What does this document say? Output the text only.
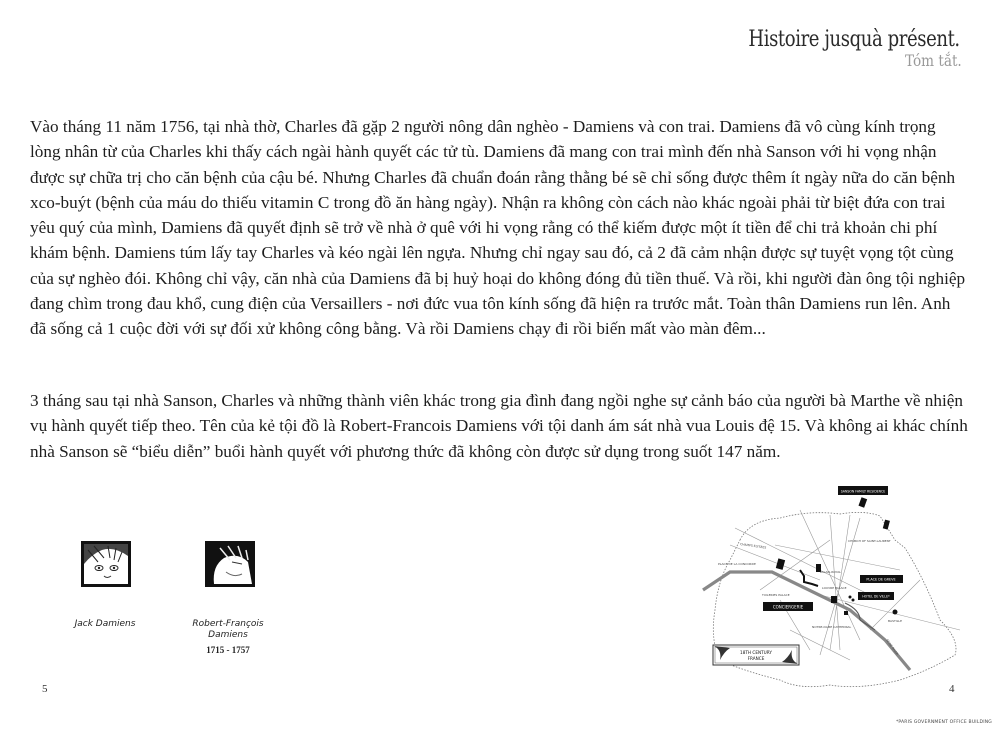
Histoire jusquà présent.
Tóm tắt.

Vào tháng 11 năm 1756, tại nhà thờ, Charles đã gặp 2 người nông dân nghèo - Damiens và con trai. Damiens đã vô cùng kính trọng lòng nhân từ của Charles khi thấy cách ngài hành quyết các tử tù. Damiens đã mang con trai mình đến nhà Sanson với hi vọng nhận được sự chữa trị cho căn bệnh của cậu bé. Nhưng Charles đã chuẩn đoán rằng thằng bé sẽ chỉ sống được thêm ít ngày nữa do căn bệnh xco-buýt (bệnh của máu do thiếu vitamin C trong đồ ăn hàng ngày). Nhận ra không còn cách nào khác ngoài phải từ biệt đứa con trai yêu quý của mình, Damiens đã quyết định sẽ trở về nhà ở quê với hi vọng rằng có thể kiếm được một ít tiền để chi trả khoản chi phí khám bệnh. Damiens túm lấy tay Charles và kéo ngài lên ngựa. Nhưng chỉ ngay sau đó, cả 2 đã cảm nhận được sự tuyệt vọng tột cùng của sự nghèo đói. Không chỉ vậy, căn nhà của Damiens đã bị huỷ hoại do không đóng đủ tiền thuế. Và rồi, khi người đàn ông tội nghiệp đang chìm trong đau khổ, cung điện của Versaillers - nơi đức vua tôn kính sống đã hiện ra trước mắt. Toàn thân Damiens run lên. Anh đã sống cả 1 cuộc đời với sự đối xử không công bằng. Và rồi Damiens chạy đi rồi biến mất vào màn đêm...

3 tháng sau tại nhà Sanson, Charles và những thành viên khác trong gia đình đang ngồi nghe sự cảnh báo của người bà Marthe về nhiện vụ hành quyết tiếp theo. Tên của kẻ tội đồ là Robert-Francois Damiens với tội danh ám sát nhà vua Louis đệ 15. Và không ai khác chính nhà Sanson sẽ “biểu diễn” buổi hành quyết với phương thức đã không còn được sử dụng trong suốt 147 năm.

Jack Damiens	Robert-François Damiens
1715 - 1757
SANSON FAMILY RESIDENCE
PLACE DE GREVE
HOTEL DE VILLE*
CONCIERGERIE
CHURCH OF SAINT-LAURENT
CHAMPS-ELYSEES
PLACE DE LA CONCORDE
PALAIS-ROYAL
LOUVRE PALACE
TUILERIES PALACE
NOTRE-DAME CATHEDRAL
BASTILLE
SEINE RIVER
18TH CENTURY
FRANCE
5	4
*PARIS GOVERNMENT OFFICE BUILDING
